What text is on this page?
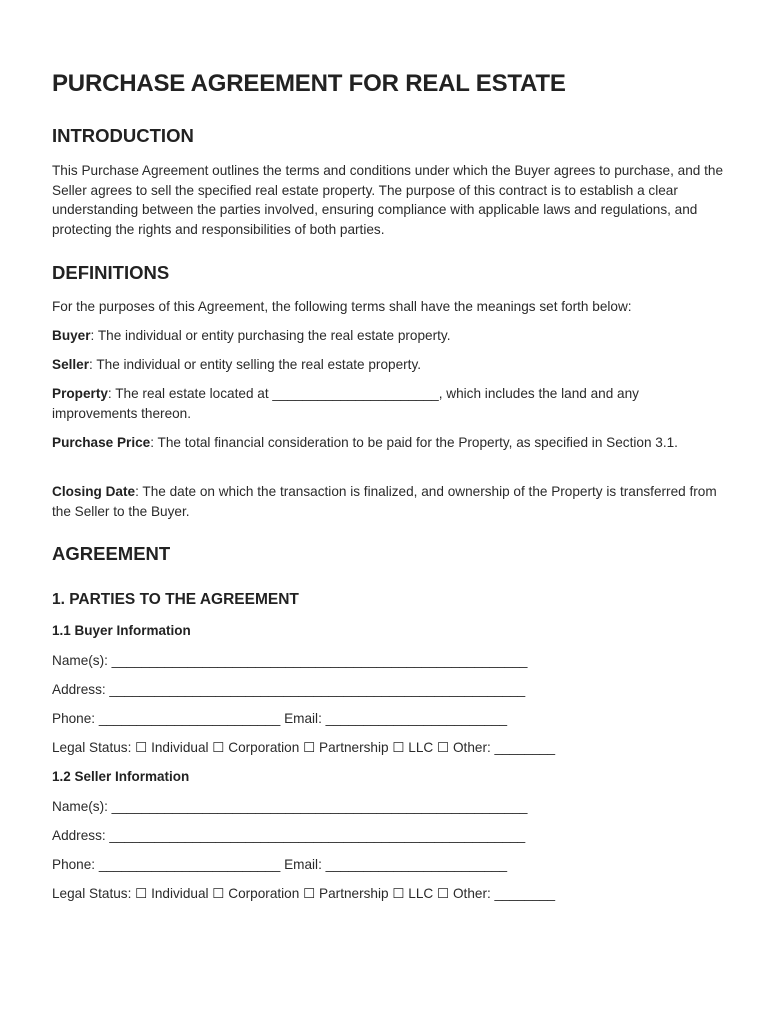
PURCHASE AGREEMENT FOR REAL ESTATE
INTRODUCTION
This Purchase Agreement outlines the terms and conditions under which the Buyer agrees to purchase, and the Seller agrees to sell the specified real estate property. The purpose of this contract is to establish a clear understanding between the parties involved, ensuring compliance with applicable laws and regulations, and protecting the rights and responsibilities of both parties.
DEFINITIONS
For the purposes of this Agreement, the following terms shall have the meanings set forth below:
Buyer: The individual or entity purchasing the real estate property.
Seller: The individual or entity selling the real estate property.
Property: The real estate located at ______________________, which includes the land and any improvements thereon.
Purchase Price: The total financial consideration to be paid for the Property, as specified in Section 3.1.
Closing Date: The date on which the transaction is finalized, and ownership of the Property is transferred from the Seller to the Buyer.
AGREEMENT
1. PARTIES TO THE AGREEMENT
1.1 Buyer Information
Name(s): _______________________________________________________
Address: _______________________________________________________
Phone: ________________________ Email: ________________________
Legal Status: ☐ Individual ☐ Corporation ☐ Partnership ☐ LLC ☐ Other: ________
1.2 Seller Information
Name(s): _______________________________________________________
Address: _______________________________________________________
Phone: ________________________ Email: ________________________
Legal Status: ☐ Individual ☐ Corporation ☐ Partnership ☐ LLC ☐ Other: ________
